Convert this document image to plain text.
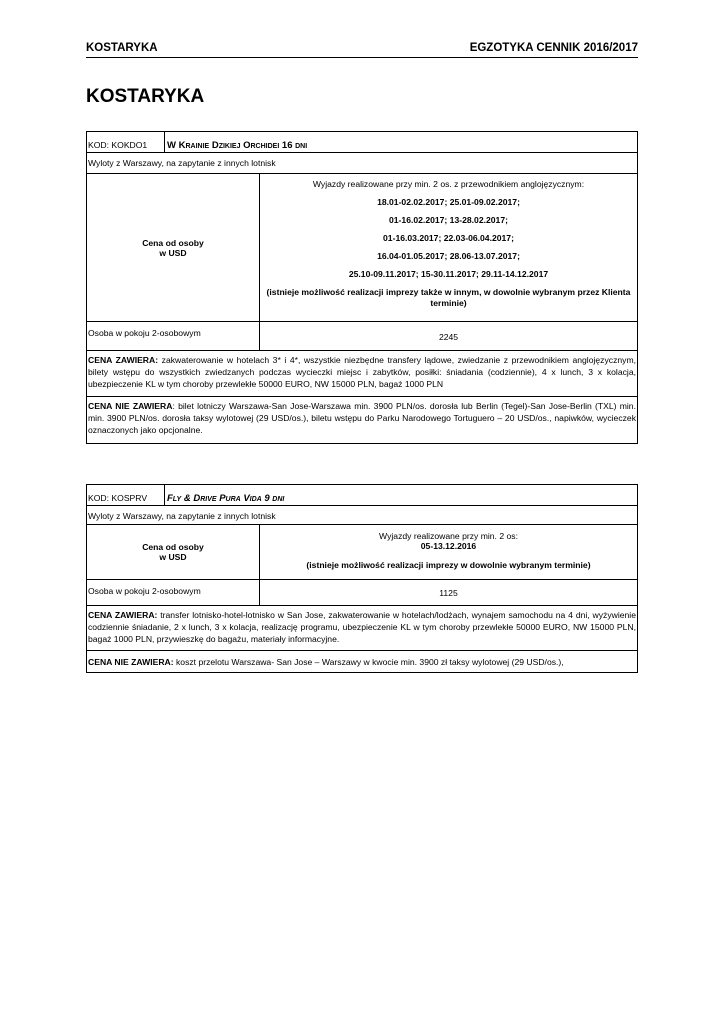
KOSTARYKA	EGZOTYKA CENNIK 2016/2017
KOSTARYKA
KOD: KOKDO1	W Krainie Dzikiej Orchidei 16 dni
Wyloty z Warszawy, na zapytanie z innych lotnisk
Cena od osoby
w USD
Wyjazdy realizowane przy min. 2 os. z przewodnikiem anglojęzycznym:
18.01-02.02.2017; 25.01-09.02.2017;
01-16.02.2017; 13-28.02.2017;
01-16.03.2017; 22.03-06.04.2017;
16.04-01.05.2017; 28.06-13.07.2017;
25.10-09.11.2017; 15-30.11.2017; 29.11-14.12.2017
(istnieje możliwość realizacji imprezy także w innym, w dowolnie wybranym przez Klienta terminie)
Osoba w pokoju 2-osobowym	2245
CENA ZAWIERA: zakwaterowanie w hotelach 3* i 4*, wszystkie niezbędne transfery lądowe, zwiedzanie z przewodnikiem anglojęzycznym, bilety wstępu do wszystkich zwiedzanych podczas wycieczki miejsc i zabytków, posiłki: śniadania (codziennie), 4 x lunch, 3 x kolacja, ubezpieczenie KL w tym choroby przewlekłe 50000 EURO, NW 15000 PLN, bagaż 1000 PLN
CENA NIE ZAWIERA: bilet lotniczy Warszawa-San Jose-Warszawa min. 3900 PLN/os. dorosła lub Berlin (Tegel)-San Jose-Berlin (TXL) min. min. 3900 PLN/os. dorosła taksy wylotowej (29 USD/os.), biletu wstępu do Parku Narodowego Tortuguero – 20 USD/os., napiwków, wycieczek oznaczonych jako opcjonalne.
KOD: KOSPRV	Fly & Drive Pura Vida 9 dni
Wyloty z Warszawy, na zapytanie z innych lotnisk
Cena od osoby
w USD
Wyjazdy realizowane przy min. 2 os:
05-13.12.2016
(istnieje możliwość realizacji imprezy w dowolnie wybranym terminie)
Osoba w pokoju 2-osobowym	1125
CENA ZAWIERA: transfer lotnisko-hotel-lotnisko w San Jose, zakwaterowanie w hotelach/lodżach, wynajem samochodu na 4 dni, wyżywienie codziennie śniadanie, 2 x lunch, 3 x kolacja, realizację programu, ubezpieczenie KL w tym choroby przewlekłe 50000 EURO, NW 15000 PLN, bagaż 1000 PLN, przywieszkę do bagażu, materiały informacyjne.
CENA NIE ZAWIERA: koszt przelotu Warszawa- San Jose – Warszawy w kwocie min. 3900 zł taksy wylotowej (29 USD/os.),
